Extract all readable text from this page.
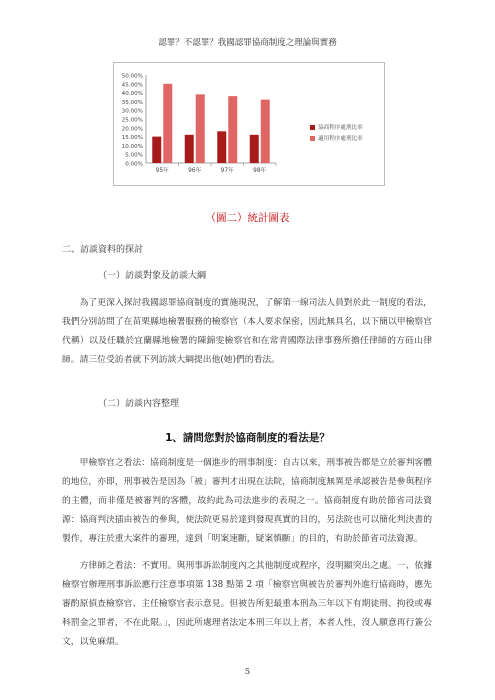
認罪？不認罪？我國認罪協商制度之理論與實務
0.00%
5.00%
10.00%
15.00%
20.00%
25.00%
30.00%
35.00%
40.00%
45.00%
50.00%
95年	96年	97年	98年
協商程序處刑比率
適用程序處刑比率
（圖二）統計圖表
二、訪談資料的探討
（一）訪談對象及訪談大綱

為了更深入探討我國認罪協商制度的實施現況，了解第一線司法人員對於此一制度的看法，我們分別訪問了在苗栗縣地檢署服務的檢察官（本人要求保密，因此無具名，以下簡以甲檢察官代稱）以及任職於宜蘭縣地檢署的陳錦雯檢察官和在常青國際法律事務所擔任律師的方砡山律師。請三位受訪者就下列訪談大綱提出他(她)們的看法。

（二）訪談內容整理
1、請問您對於協商制度的看法是？

甲檢察官之看法：協商制度是一個進步的刑事制度：自古以來，刑事被告都是立於審判客體的地位，亦即，刑事被告是因為「被」審判才出現在法院，協商制度無異是承認被告是參與程序的主體，而非僅是被審判的客體，故約此為司法進步的表現之一。協商制度有助於節省司法資源：協商判決插由被告的參與，使法院更易於達到發現真實的目的，另法院也可以簡化判決書的製作，專注於重大案件的審理，達到「明案速斷，疑案慎斷」的目的，有助於節省司法資源。

方律師之看法：不實用。與刑事訴訟制度內之其他制度或程序，沒明顯突出之處。一、依據檢察官辦理刑事訴訟應行注意事項第 138 點第 2 項「檢察官與被告於審判外進行協商時，應先審酌原偵查檢察官、主任檢察官表示意見。但被告所犯最重本刑為三年以下有期徒刑、拘役或專科罰金之罪者，不在此限。」，因此所處理者法定本刑三年以上者，本者人性，沒人願意再行簽公文，以免麻煩。

5
